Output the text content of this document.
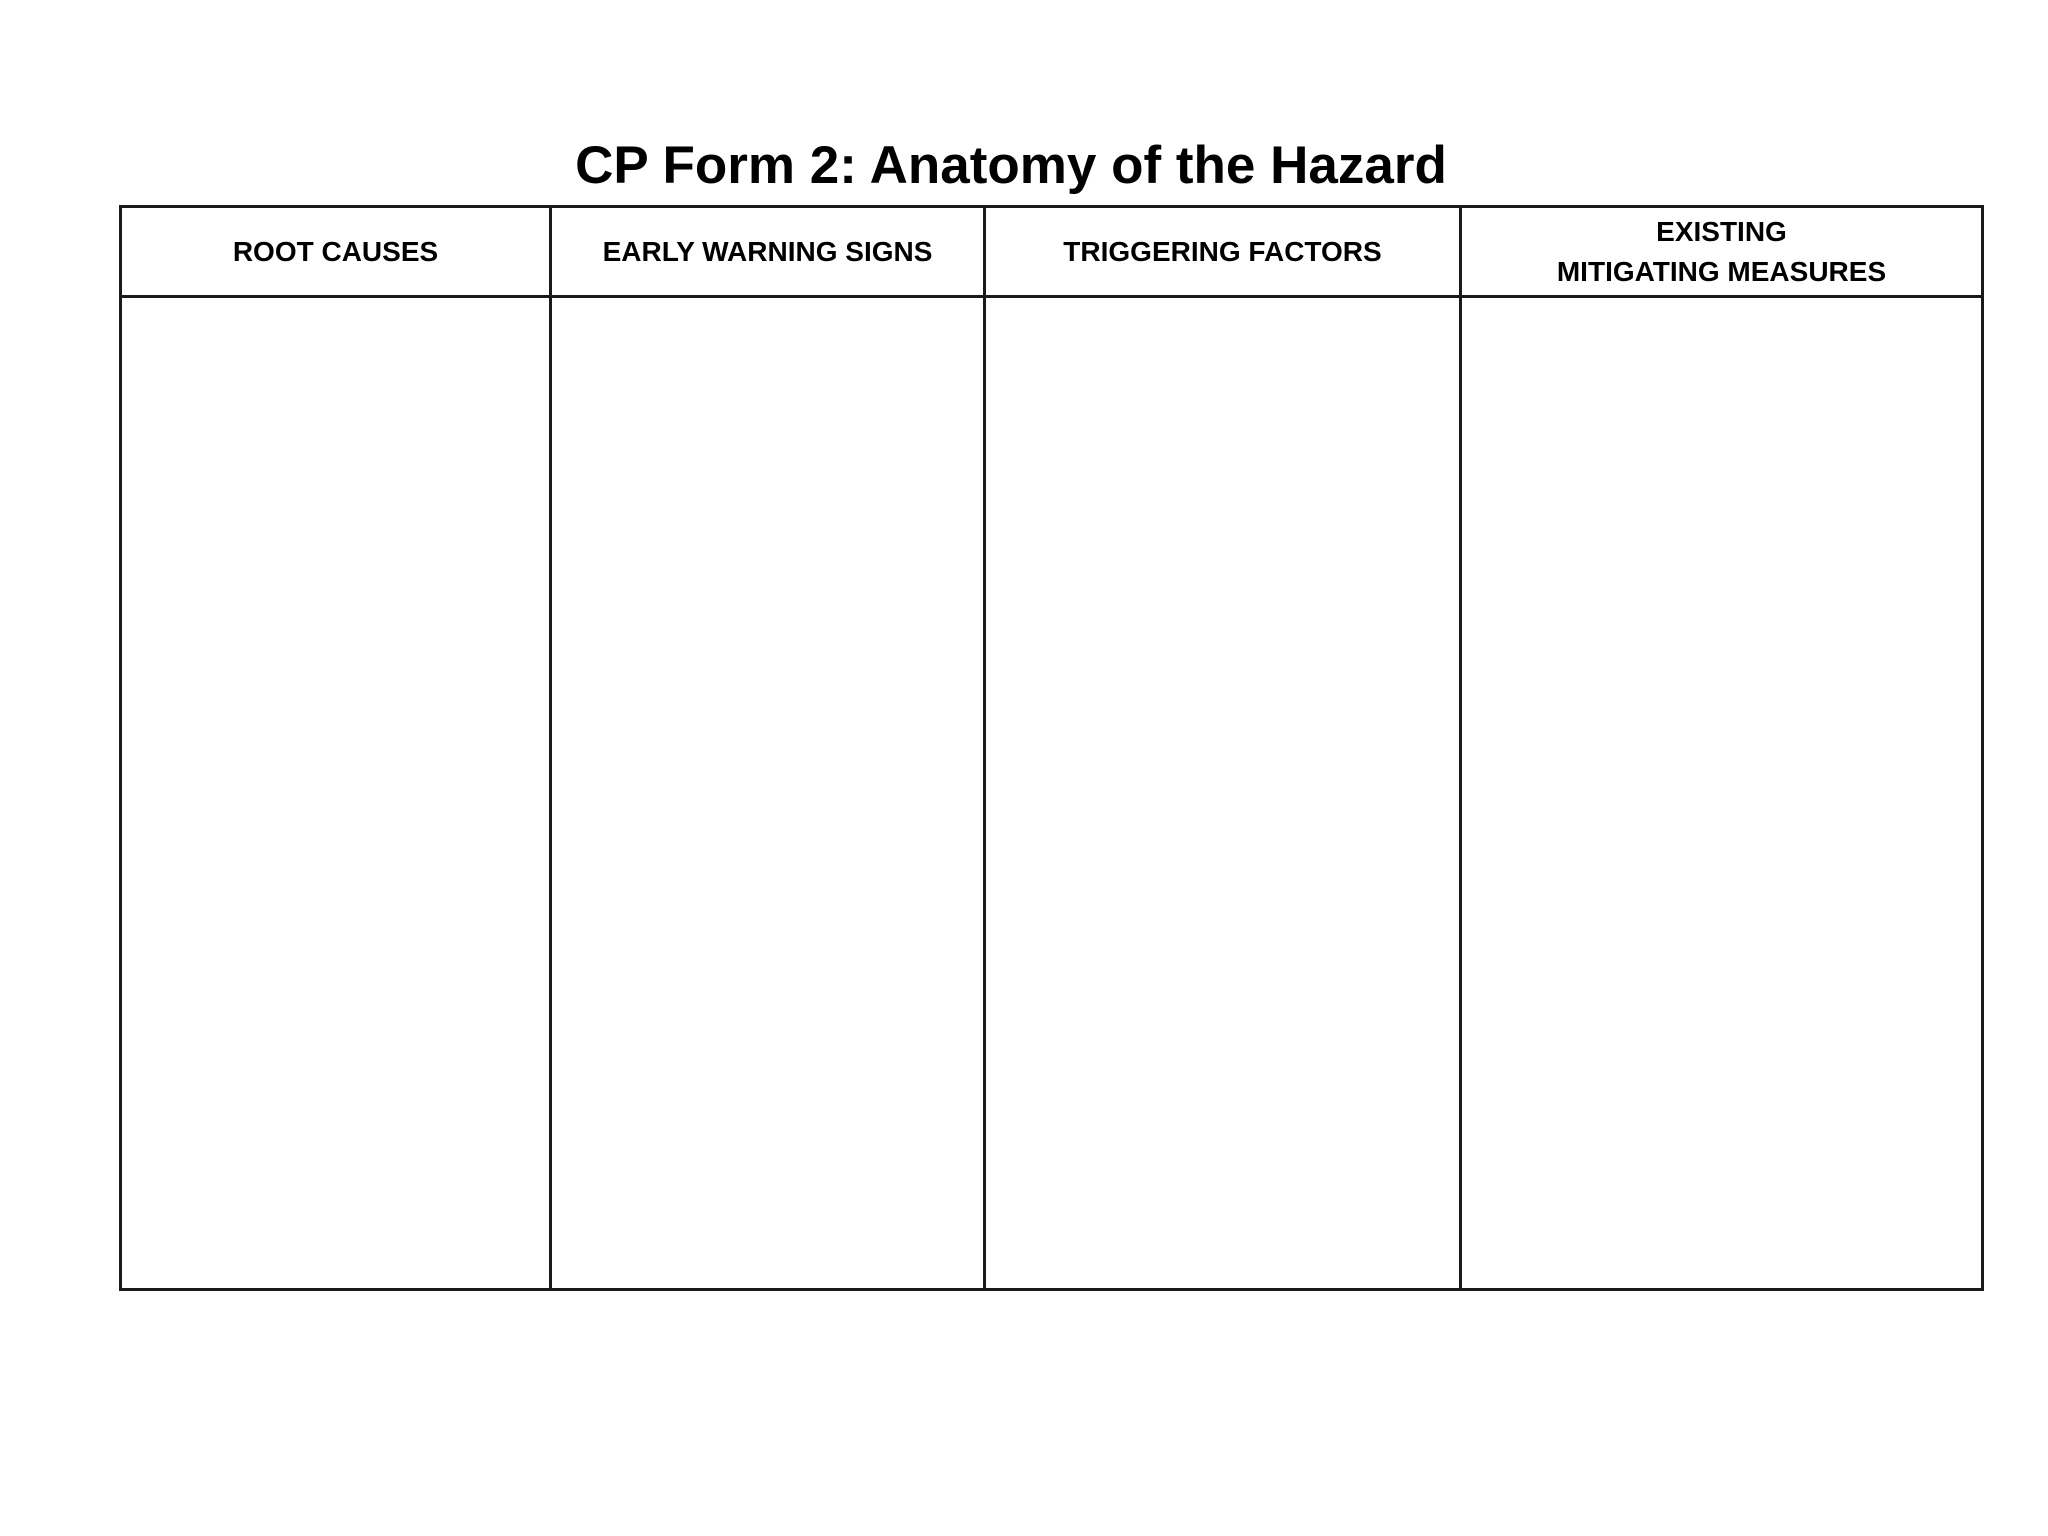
CP Form 2: Anatomy of the Hazard
ROOT CAUSES	EARLY WARNING SIGNS	TRIGGERING FACTORS	EXISTING
MITIGATING MEASURES
